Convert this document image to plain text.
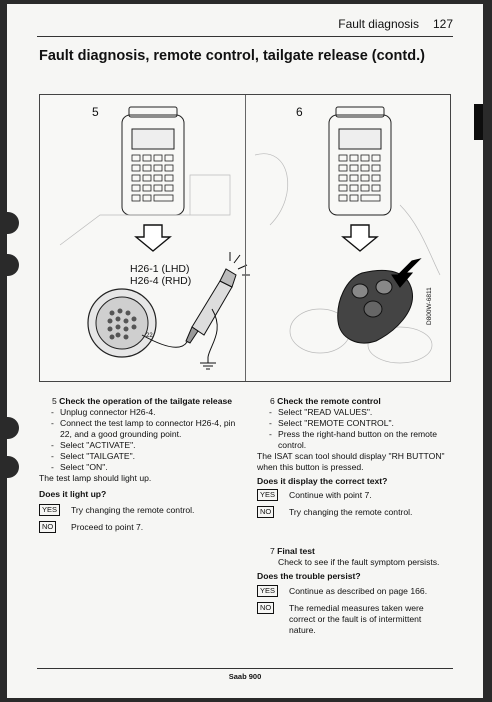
Fault diagnosis 127
Fault diagnosis, remote control, tailgate release (contd.)
5	6
H26-1 (LHD)
H26-4 (RHD)
22
D800W-6811

5 Check the operation of the tailgate release

- Unplug connector H26-4.

- Connect the test lamp to connector H26-4, pin 22, and a good grounding point.

- Select "ACTIVATE".

- Select "TAILGATE".

- Select "ON".

The test lamp should light up.

Does it light up?

YES	Try changing the remote control.

NO	Proceed to point 7.

6 Check the remote control

- Select "READ VALUES".

- Select "REMOTE CONTROL".

- Press the right-hand button on the remote control.

The ISAT scan tool should display "RH BUTTON" when this button is pressed.

Does it display the correct text?

YES	Continue with point 7.

NO	Try changing the remote control.

7 Final test

Check to see if the fault symptom persists.

Does the trouble persist?

YES	Continue as described on page 166.

NO	The remedial measures taken were correct or the fault is of intermittent nature.

Saab 900
